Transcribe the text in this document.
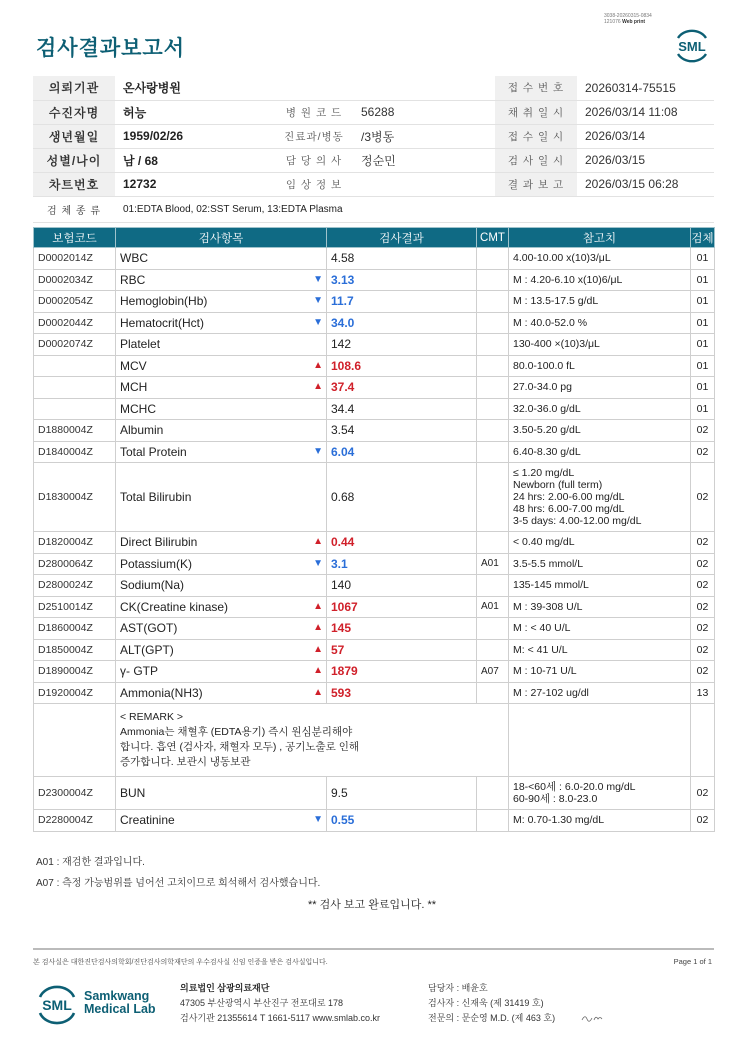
3038-20260315-0834
121076 Web print
검사결과보고서	SML
의뢰기관	온사랑병원				접 수 번 호	20260314-75515
수진자명	허능	병 원 코 드	56288		채 취 일 시	2026/03/14 11:08
생년월일	1959/02/26	진료과/병동	/3병동		접 수 일 시	2026/03/14
성별/나이	남 / 68	담 당 의 사	정순민		검 사 일 시	2026/03/15
차트번호	12732	임 상 정 보			결 과 보 고	2026/03/15 06:28
검 체 종 류	01:EDTA Blood, 02:SST Serum, 13:EDTA Plasma					
보험코드	검사항목	검사결과	CMT	참고치	검체
D0002014Z	WBC	4.58		4.00-10.00 x(10)3/μL	01
D0002034Z	RBC ▼	3.13		M : 4.20-6.10 x(10)6/μL	01
D0002054Z	Hemoglobin(Hb) ▼	11.7		M : 13.5-17.5 g/dL	01
D0002044Z	Hematocrit(Hct) ▼	34.0		M : 40.0-52.0 %	01
D0002074Z	Platelet	142		130-400 ×(10)3/μL	01
	MCV ▲	108.6		80.0-100.0 fL	01
	MCH ▲	37.4		27.0-34.0 pg	01
	MCHC	34.4		32.0-36.0 g/dL	01
D1880004Z	Albumin	3.54		3.50-5.20 g/dL	02
D1840004Z	Total Protein ▼	6.04		6.40-8.30 g/dL	02
D1830004Z	Total Bilirubin	0.68		≤ 1.20 mg/dL
Newborn (full term)
24 hrs: 2.00-6.00 mg/dL
48 hrs: 6.00-7.00 mg/dL
3-5 days: 4.00-12.00 mg/dL	02
D1820004Z	Direct Bilirubin ▲	0.44		< 0.40 mg/dL	02
D2800064Z	Potassium(K) ▼	3.1	A01	3.5-5.5 mmol/L	02
D2800024Z	Sodium(Na)	140		135-145 mmol/L	02
D2510014Z	CK(Creatine kinase) ▲	1067	A01	M : 39-308 U/L	02
D1860004Z	AST(GOT) ▲	145		M : < 40 U/L	02
D1850004Z	ALT(GPT) ▲	57		M: < 41 U/L	02
D1890004Z	γ- GTP ▲	1879	A07	M : 10-71 U/L	02
D1920004Z	Ammonia(NH3) ▲	593		M : 27-102 ug/dl	13

	< REMARK >
Ammonia는 채혈후 (EDTA용기) 즉시 원심분리해야
합니다. 흡연 (검사자, 채혈자 모두) , 공기노출로 인해
증가합니다. 보관시 냉동보관				

D2300004Z	BUN	9.5		18-<60세 : 6.0-20.0 mg/dL
60-90세 : 8.0-23.0	02
D2280004Z	Creatinine ▼	0.55		M: 0.70-1.30 mg/dL	02
A01 : 재검한 결과입니다.
A07 : 측정 가능범위를 넘어선 고치이므로 희석해서 검사했습니다.
** 검사 보고 완료입니다. **
본 검사실은 대한진단검사의학회/진단검사의학재단의 우수검사실 신임 인증을 받은 검사실입니다.	Page 1 of 1
SML
Samkwang
Medical Lab
의료법인 삼광의료재단
47305 부산광역시 부산진구 전포대로 178
검사기관 21355614 T 1661-5117 www.smlab.co.kr
담당자 : 배윤호
검사자 : 신재욱 (제 31419 호)
전문의 : 문순영 M.D. (제 463 호)
